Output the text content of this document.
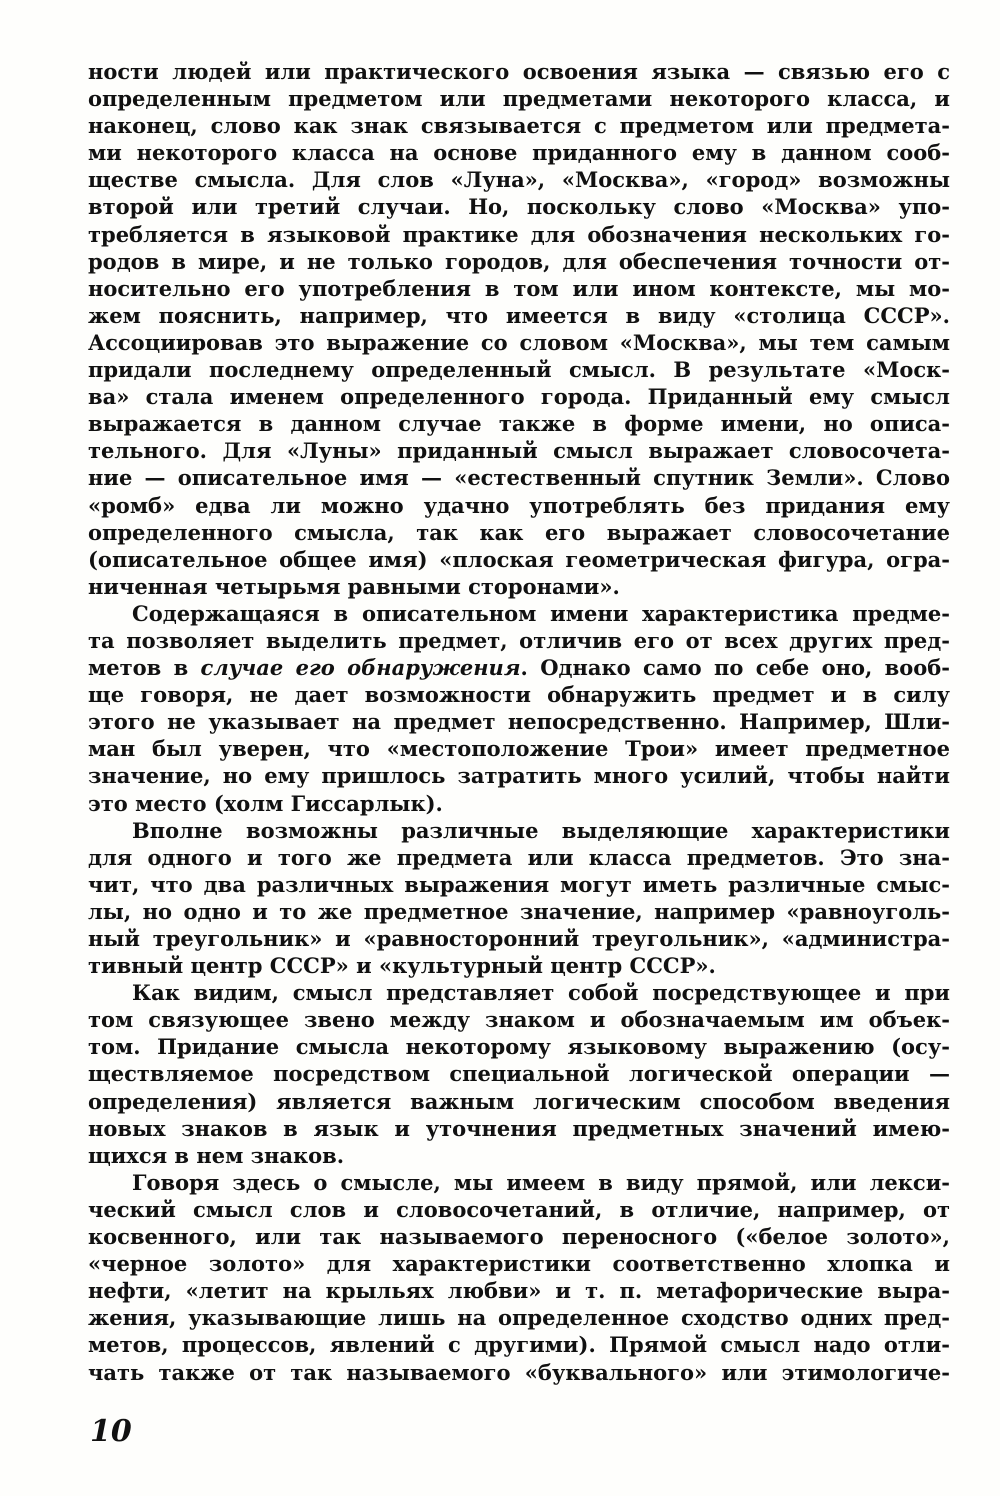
ности людей или практического освоения языка — связью его с
определенным предметом или предметами некоторого класса, и
наконец, слово как знак связывается с предметом или предмета-
ми некоторого класса на основе приданного ему в данном сооб-
ществе смысла. Для слов «Луна», «Москва», «город» возможны
второй или третий случаи. Но, поскольку слово «Москва» упо-
требляется в языковой практике для обозначения нескольких го-
родов в мире, и не только городов, для обеспечения точности от-
носительно его употребления в том или ином контексте, мы мо-
жем пояснить, например, что имеется в виду «столица СССР».
Ассоциировав это выражение со словом «Москва», мы тем самым
придали последнему определенный смысл. В результате «Моск-
ва» стала именем определенного города. Приданный ему смысл
выражается в данном случае также в форме имени, но описа-
тельного. Для «Луны» приданный смысл выражает словосочета-
ние — описательное имя — «естественный спутник Земли». Слово
«ромб» едва ли можно удачно употреблять без придания ему
определенного смысла, так как его выражает словосочетание
(описательное общее имя) «плоская геометрическая фигура, огра-
ниченная четырьмя равными сторонами».
Содержащаяся в описательном имени характеристика предме-
та позволяет выделить предмет, отличив его от всех других пред-
метов в случае его обнаружения. Однако само по себе оно, вооб-
ще говоря, не дает возможности обнаружить предмет и в силу
этого не указывает на предмет непосредственно. Например, Шли-
ман был уверен, что «местоположение Трои» имеет предметное
значение, но ему пришлось затратить много усилий, чтобы найти
это место (холм Гиссарлык).
Вполне возможны различные выделяющие характеристики
для одного и того же предмета или класса предметов. Это зна-
чит, что два различных выражения могут иметь различные смыс-
лы, но одно и то же предметное значение, например «равноуголь-
ный треугольник» и «равносторонний треугольник», «администра-
тивный центр СССР» и «культурный центр СССР».
Как видим, смысл представляет собой посредствующее и при
том связующее звено между знаком и обозначаемым им объек-
том. Придание смысла некоторому языковому выражению (осу-
ществляемое посредством специальной логической операции —
определения) является важным логическим способом введения
новых знаков в язык и уточнения предметных значений имею-
щихся в нем знаков.
Говоря здесь о смысле, мы имеем в виду прямой, или лекси-
ческий смысл слов и словосочетаний, в отличие, например, от
косвенного, или так называемого переносного («белое золото»,
«черное золото» для характеристики соответственно хлопка и
нефти, «летит на крыльях любви» и т. п. метафорические выра-
жения, указывающие лишь на определенное сходство одних пред-
метов, процессов, явлений с другими). Прямой смысл надо отли-
чать также от так называемого «буквального» или этимологиче-
10
